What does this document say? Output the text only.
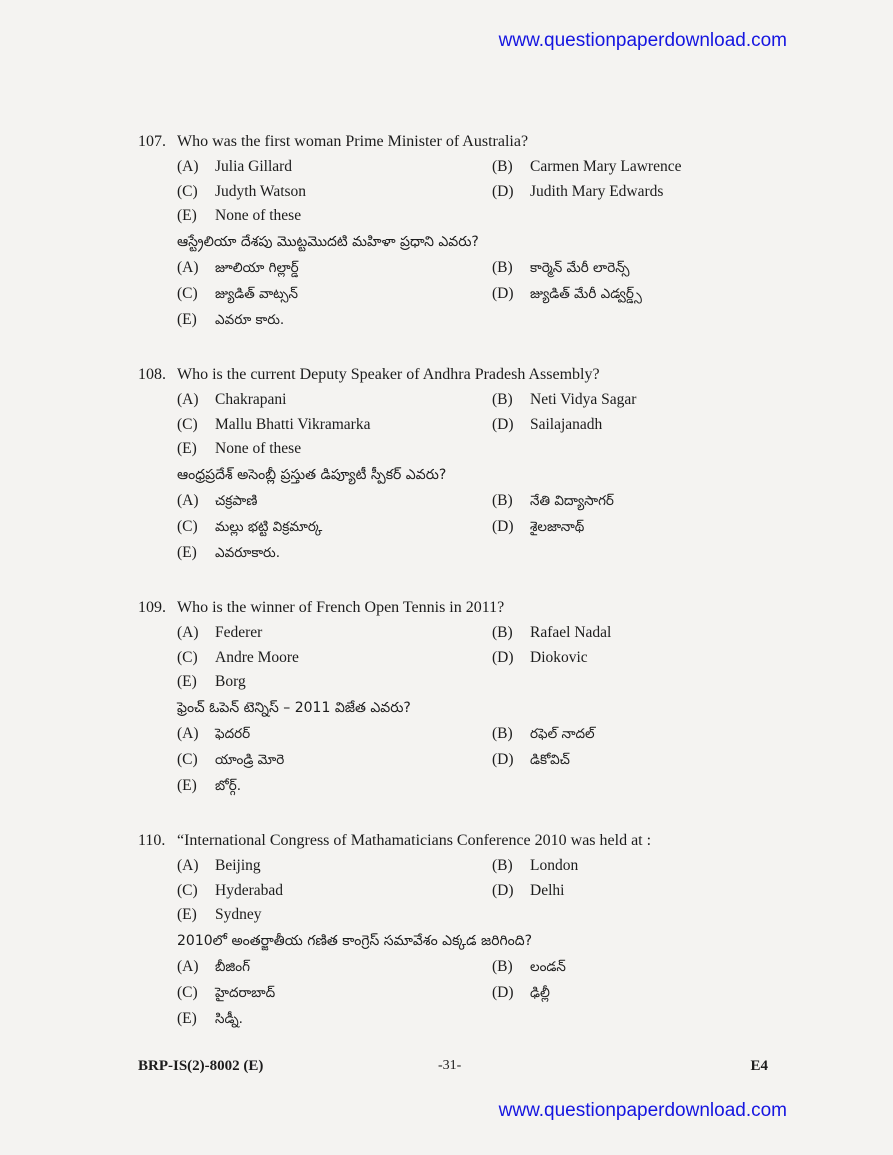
www.questionpaperdownload.com
107. Who was the first woman Prime Minister of Australia?
(A) Julia Gillard	(B) Carmen Mary Lawrence
(C) Judyth Watson	(D) Judith Mary Edwards
(E) None of these
ఆస్ట్రేలియా దేశపు మొట్టమొదటి మహిళా ప్రధాని ఎవరు?
(A) జూలియా గిల్లార్డ్	(B) కార్మెన్ మేరీ లారెన్స్
(C) జ్యుడిత్ వాట్సన్	(D) జ్యుడిత్ మేరీ ఎడ్వర్డ్స్
(E) ఎవరూ కారు.
108. Who is the current Deputy Speaker of Andhra Pradesh Assembly?
(A) Chakrapani	(B) Neti Vidya Sagar
(C) Mallu Bhatti Vikramarka	(D) Sailajanadh
(E) None of these
ఆంధ్రప్రదేశ్ అసెంబ్లీ ప్రస్తుత డిప్యూటీ స్పీకర్ ఎవరు?
(A) చక్రపాణి	(B) నేతి విద్యాసాగర్
(C) మల్లు భట్టి విక్రమార్క	(D) శైలజానాథ్
(E) ఎవరూకారు.
109. Who is the winner of French Open Tennis in 2011?
(A) Federer	(B) Rafael Nadal
(C) Andre Moore	(D) Diokovic
(E) Borg
ఫ్రెంచ్ ఓపెన్ టెన్నిస్ – 2011 విజేత ఎవరు?
(A) ఫెదరర్	(B) రఫెల్ నాదల్
(C) యాండ్రి మోరె	(D) డికోవిచ్
(E) బోర్గ్.
110. “International Congress of Mathamaticians Conference 2010 was held at :
(A) Beijing	(B) London
(C) Hyderabad	(D) Delhi
(E) Sydney
2010లో అంతర్జాతీయ గణిత కాంగ్రెస్ సమావేశం ఎక్కడ జరిగింది?
(A) బీజింగ్	(B) లండన్
(C) హైదరాబాద్	(D) ఢిల్లీ
(E) సిడ్నీ.
BRP-IS(2)-8002 (E)	-31-	E4
www.questionpaperdownload.com
